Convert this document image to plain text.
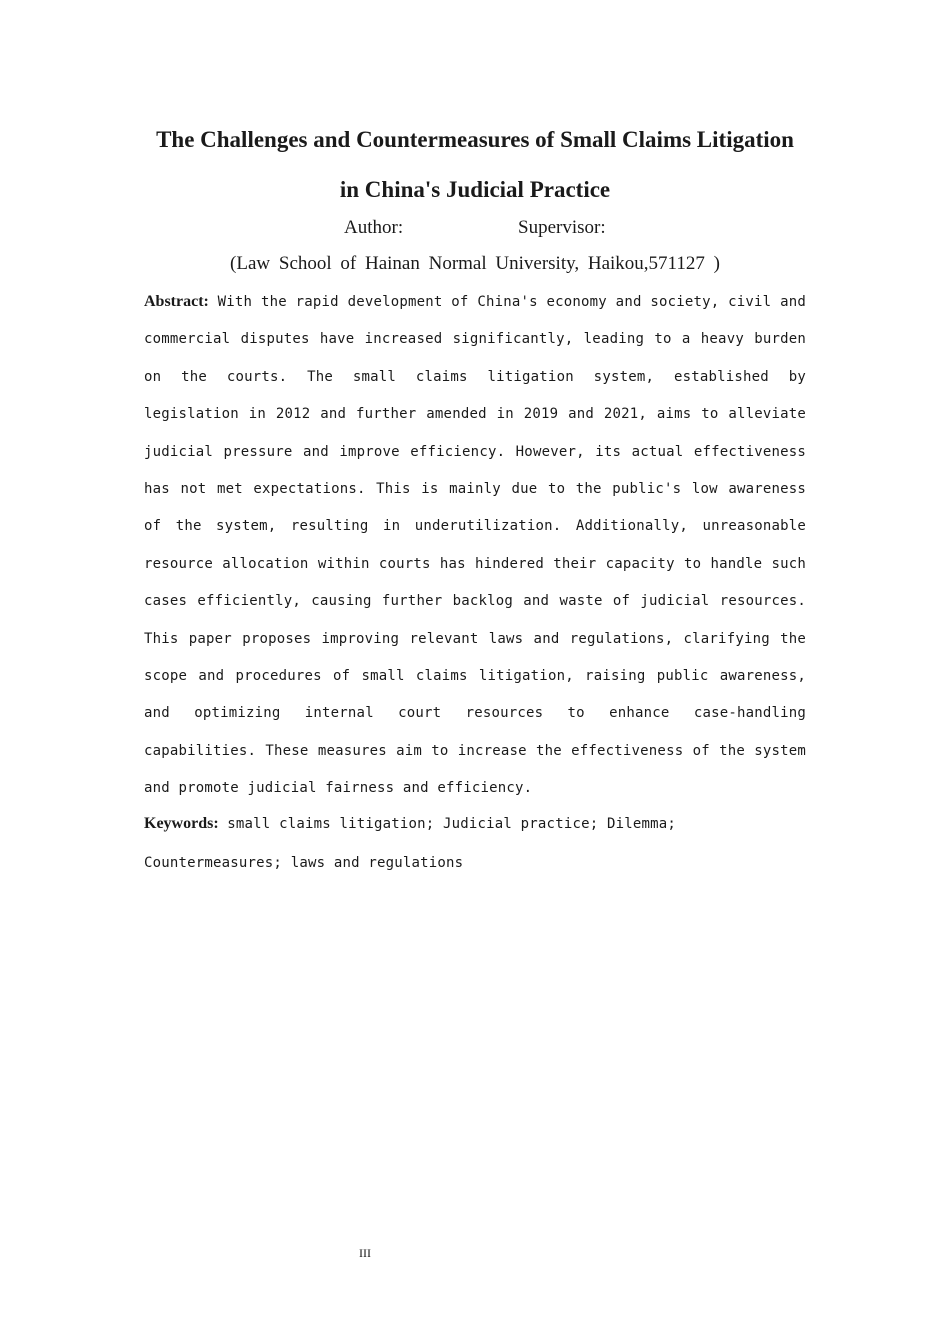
The Challenges and Countermeasures of Small Claims Litigation in China's Judicial Practice
Author:	Supervisor:
(Law School of Hainan Normal University, Haikou,571127 )

Abstract: With the rapid development of China's economy and society, civil and commercial disputes have increased significantly, leading to a heavy burden on the courts. The small claims litigation system, established by legislation in 2012 and further amended in 2019 and 2021, aims to alleviate judicial pressure and improve efficiency. However, its actual effectiveness has not met expectations. This is mainly due to the public's low awareness of the system, resulting in underutilization. Additionally, unreasonable resource allocation within courts has hindered their capacity to handle such cases efficiently, causing further backlog and waste of judicial resources. This paper proposes improving relevant laws and regulations, clarifying the scope and procedures of small claims litigation, raising public awareness, and optimizing internal court resources to enhance case-handling capabilities. These measures aim to increase the effectiveness of the system and promote judicial fairness and efficiency.

Keywords: small claims litigation; Judicial practice; Dilemma; Countermeasures; laws and regulations

III
